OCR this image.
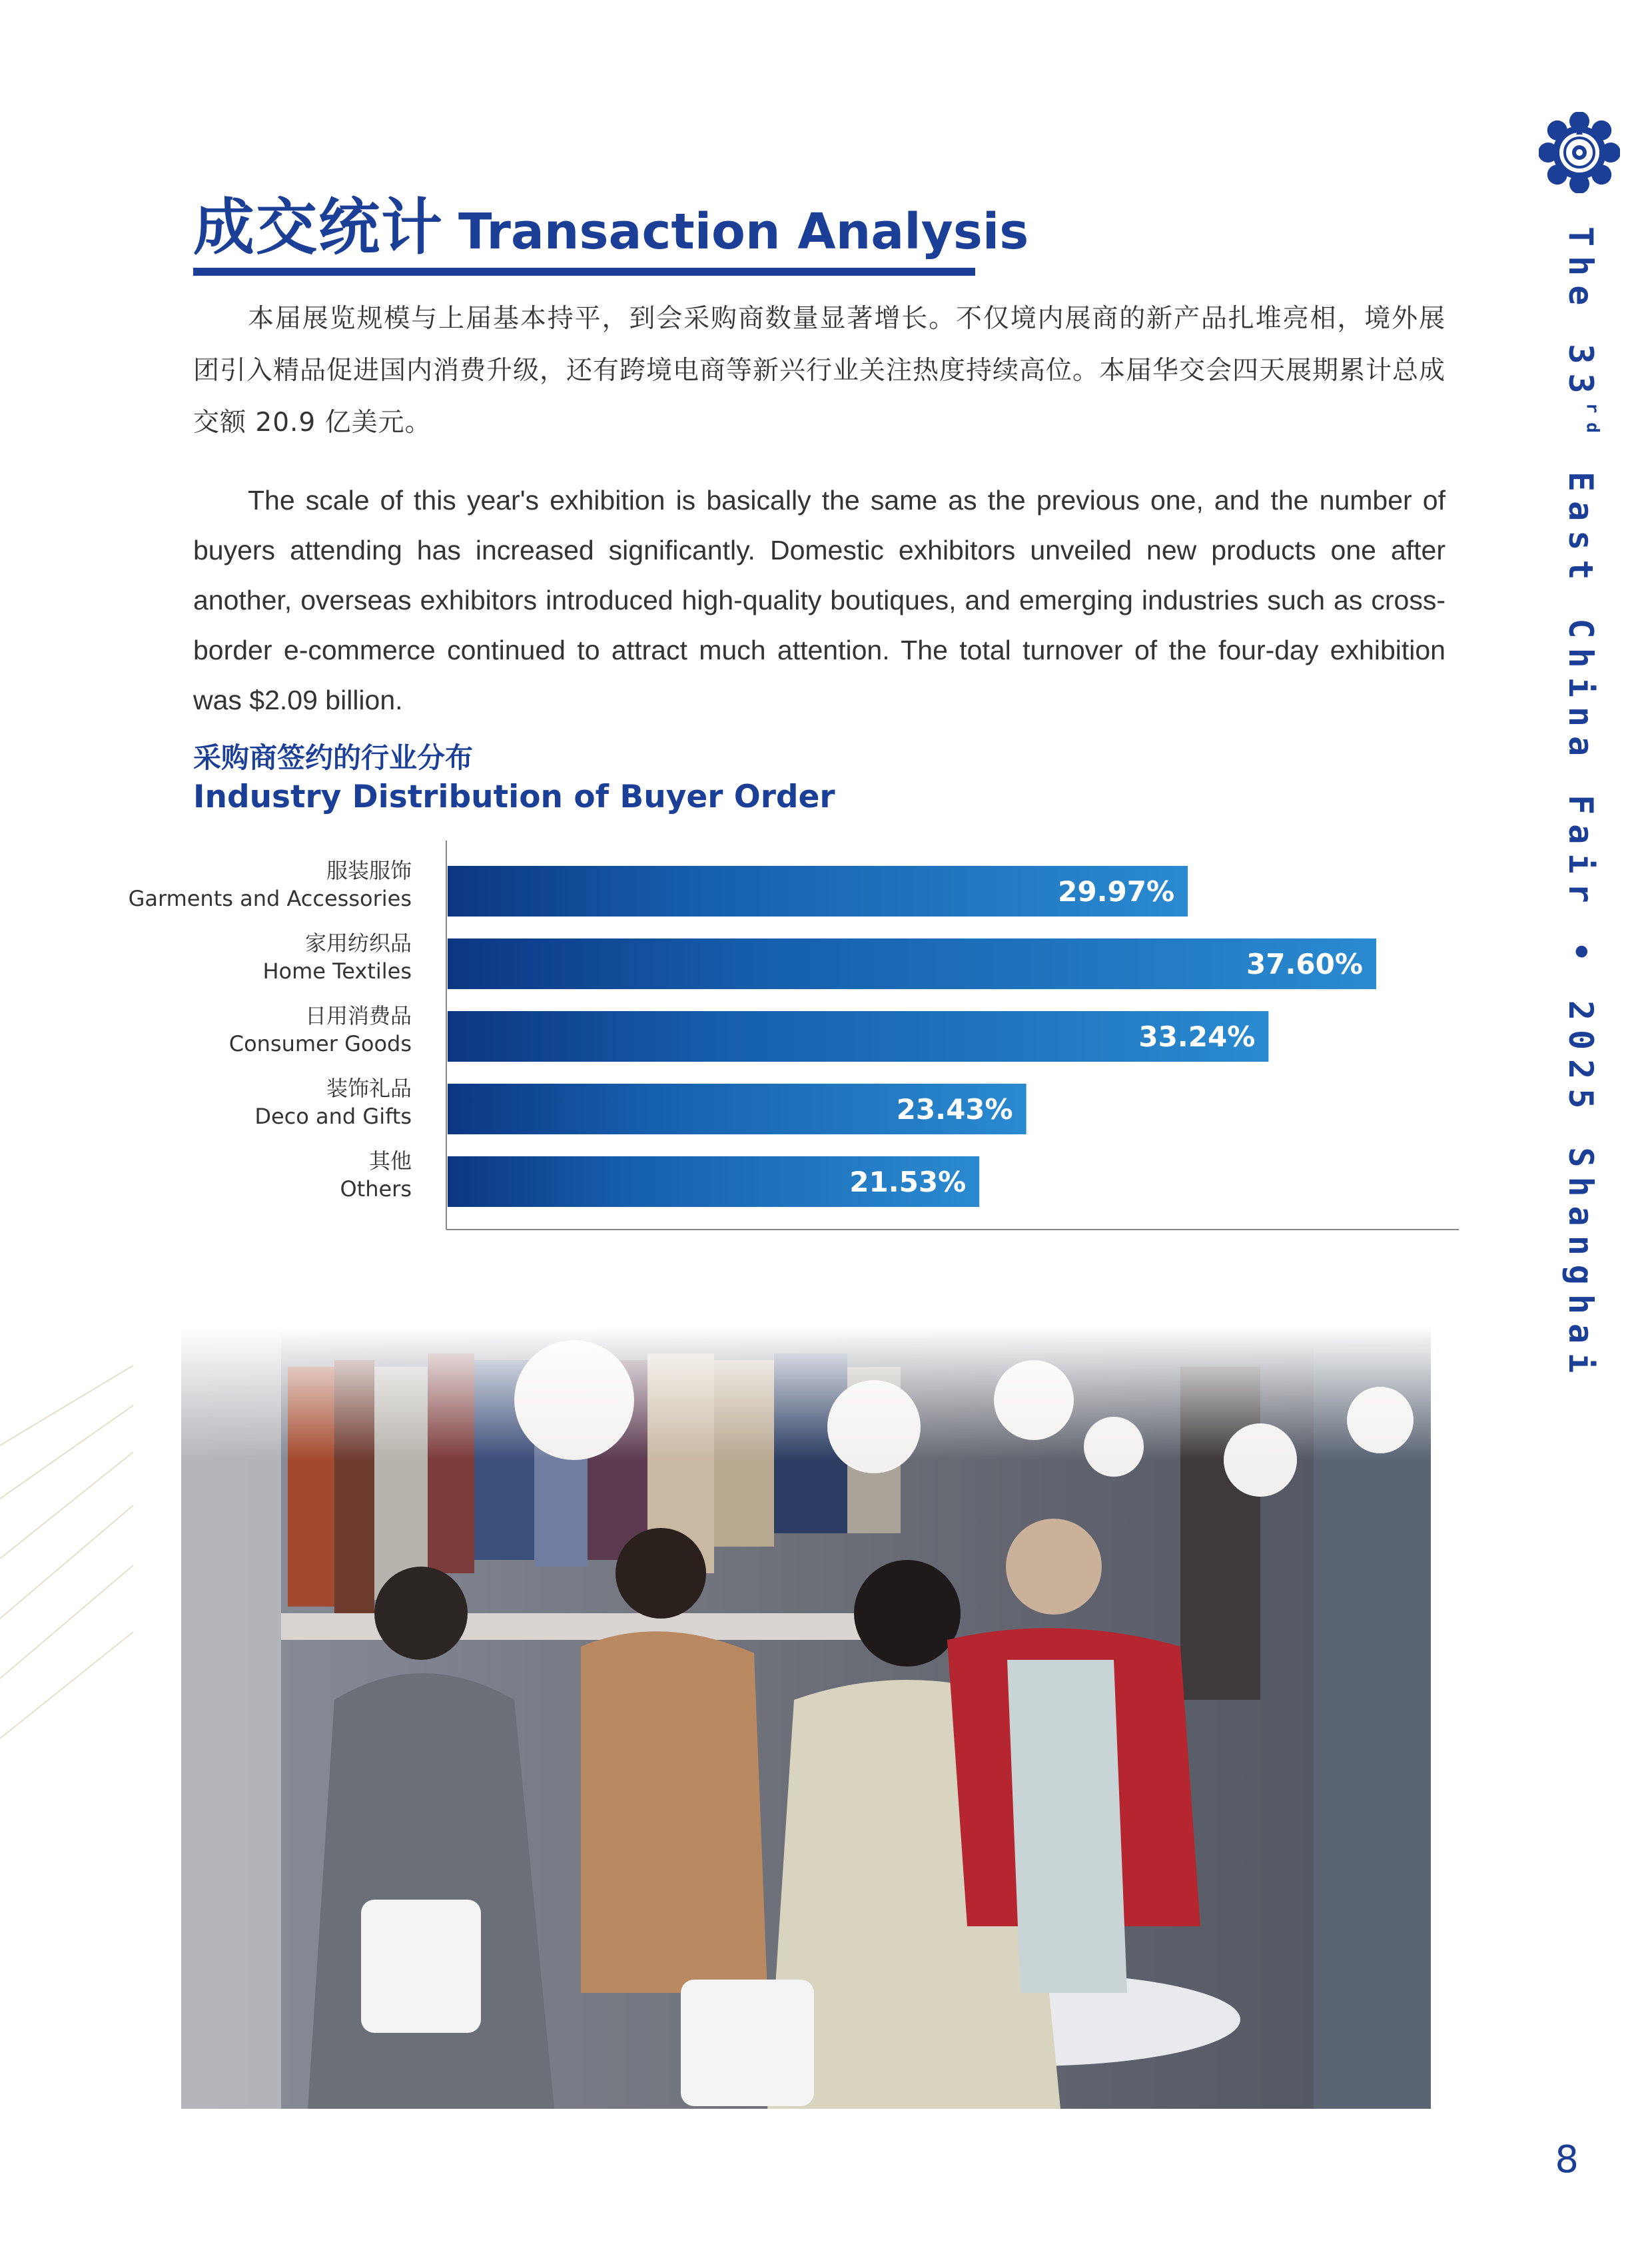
The 33rd East China Fair • 2025 Shanghai
成交统计 Transaction Analysis

本届展览规模与上届基本持平，到会采购商数量显著增长。不仅境内展商的新产品扎堆亮相，境外展团引入精品促进国内消费升级，还有跨境电商等新兴行业关注热度持续高位。本届华交会四天展期累计总成交额 20.9 亿美元。

The scale of this year's exhibition is basically the same as the previous one, and the number of buyers attending has increased significantly. Domestic exhibitors unveiled new products one after another, overseas exhibitors introduced high-quality boutiques, and emerging industries such as cross-border e-commerce continued to attract much attention. The total turnover of the four-day exhibition was $2.09 billion.

采购商签约的行业分布
Industry Distribution of Buyer Order
29.97%
服装服饰
Garments and Accessories
37.60%
家用纺织品
Home Textiles
33.24%
日用消费品
Consumer Goods
23.43%
装饰礼品
Deco and Gifts
21.53%
其他
Others
8
